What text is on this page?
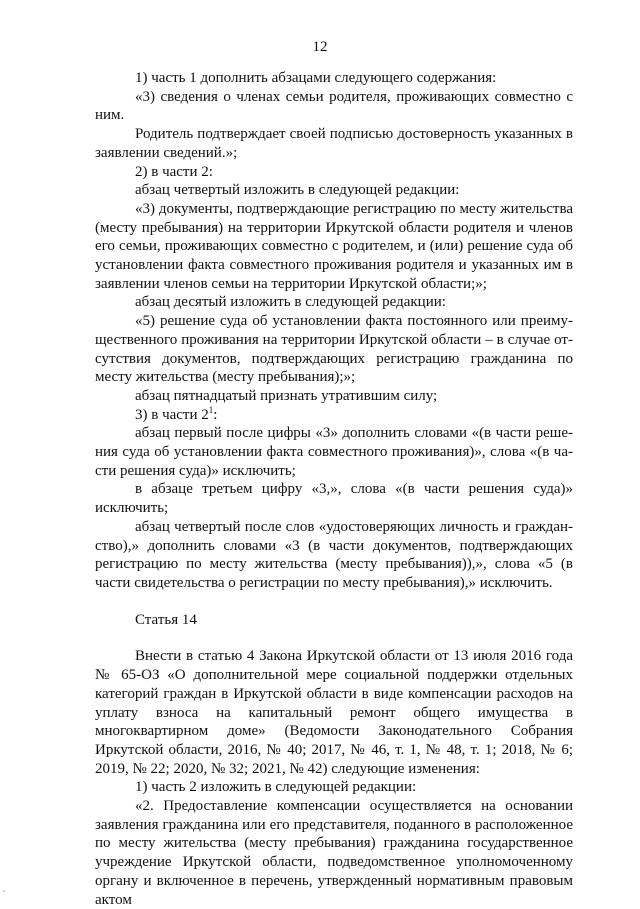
12

1) часть 1 дополнить абзацами следующего содержания:

«3) сведения о членах семьи родителя, проживающих совместно с ним.

Родитель подтверждает своей подписью достоверность указанных в заявлении сведений.»;

2) в части 2:

абзац четвертый изложить в следующей редакции:

«3) документы, подтверждающие регистрацию по месту жительства (месту пребывания) на территории Иркутской области родителя и членов его семьи, проживающих совместно с родителем, и (или) решение суда об установлении факта совместного проживания родителя и указанных им в заявлении членов семьи на территории Иркутской области;»;

абзац десятый изложить в следующей редакции:

«5) решение суда об установлении факта постоянного или преимущественного проживания на территории Иркутской области – в случае отсутствия документов, подтверждающих регистрацию гражданина по месту жительства (месту пребывания);»;

абзац пятнадцатый признать утратившим силу;

3) в части $2^1$:

абзац первый после цифры «3» дополнить словами «(в части решения суда об установлении факта совместного проживания)», слова «(в части решения суда)» исключить;

в абзаце третьем цифру «3,», слова «(в части решения суда)» исключить;

абзац четвертый после слов «удостоверяющих личность и гражданство),» дополнить словами «3 (в части документов, подтверждающих регистрацию по месту жительства (месту пребывания)),», слова «5 (в части свидетельства о регистрации по месту пребывания),» исключить.

Статья 14

Внести в статью 4 Закона Иркутской области от 13 июля 2016 года № 65-ОЗ «О дополнительной мере социальной поддержки отдельных категорий граждан в Иркутской области в виде компенсации расходов на уплату взноса на капитальный ремонт общего имущества в многоквартирном доме» (Ведомости Законодательного Собрания Иркутской области, 2016, № 40; 2017, № 46, т. 1, № 48, т. 1; 2018, № 6; 2019, № 22; 2020, № 32; 2021, № 42) следующие изменения:

1) часть 2 изложить в следующей редакции:

«2. Предоставление компенсации осуществляется на основании заявления гражданина или его представителя, поданного в расположенное по месту жительства (месту пребывания) гражданина государственное учреждение Иркутской области, подведомственное уполномоченному органу и включенное в перечень, утвержденный нормативным правовым актом
